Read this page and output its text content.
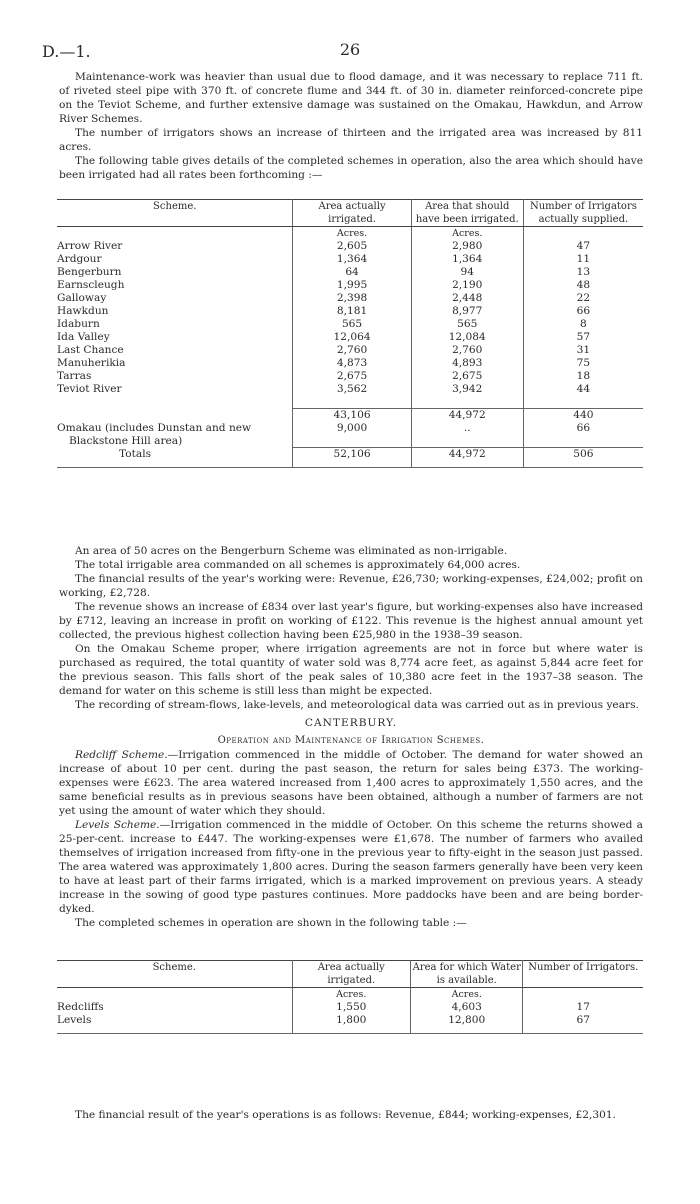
D.—1.	26

Maintenance-work was heavier than usual due to flood damage, and it was necessary to replace 711 ft. of riveted steel pipe with 370 ft. of concrete flume and 344 ft. of 30 in. diameter reinforced-concrete pipe on the Teviot Scheme, and further extensive damage was sustained on the Omakau, Hawkdun, and Arrow River Schemes.

The number of irrigators shows an increase of thirteen and the irrigated area was increased by 811 acres.

The following table gives details of the completed schemes in operation, also the area which should have been irrigated had all rates been forthcoming :—

Scheme.	Area actually irrigated.	Area that should have been irrigated.	Number of Irrigators actually supplied.
	Acres.	Acres.	
Arrow River	2,605	2,980	47
Ardgour	1,364	1,364	11
Bengerburn	64	94	13
Earnscleugh	1,995	2,190	48
Galloway	2,398	2,448	22
Hawkdun	8,181	8,977	66
Idaburn	565	565	8
Ida Valley	12,064	12,084	57
Last Chance	2,760	2,760	31
Manuherikia	4,873	4,893	75
Tarras	2,675	2,675	18
Teviot River	3,562	3,942	44

	43,106	44,972	440
Omakau (includes Dunstan and new	9,000	..	66
Blackstone Hill area)			
Totals	52,106	44,972	506

An area of 50 acres on the Bengerburn Scheme was eliminated as non-irrigable.

The total irrigable area commanded on all schemes is approximately 64,000 acres.

The financial results of the year's working were: Revenue, £26,730; working-expenses, £24,002; profit on working, £2,728.

The revenue shows an increase of £834 over last year's figure, but working-expenses also have increased by £712, leaving an increase in profit on working of £122. This revenue is the highest annual amount yet collected, the previous highest collection having been £25,980 in the 1938–39 season.

On the Omakau Scheme proper, where irrigation agreements are not in force but where water is purchased as required, the total quantity of water sold was 8,774 acre feet, as against 5,844 acre feet for the previous season. This falls short of the peak sales of 10,380 acre feet in the 1937–38 season. The demand for water on this scheme is still less than might be expected.

The recording of stream-flows, lake-levels, and meteorological data was carried out as in previous years.

CANTERBURY.
Operation and Maintenance of Irrigation Schemes.

Redcliff Scheme.—Irrigation commenced in the middle of October. The demand for water showed an increase of about 10 per cent. during the past season, the return for sales being £373. The working-expenses were £623. The area watered increased from 1,400 acres to approximately 1,550 acres, and the same beneficial results as in previous seasons have been obtained, although a number of farmers are not yet using the amount of water which they should.

Levels Scheme.—Irrigation commenced in the middle of October. On this scheme the returns showed a 25-per-cent. increase to £447. The working-expenses were £1,678. The number of farmers who availed themselves of irrigation increased from fifty-one in the previous year to fifty-eight in the season just passed. The area watered was approximately 1,800 acres. During the season farmers generally have been very keen to have at least part of their farms irrigated, which is a marked improvement on previous years. A steady increase in the sowing of good type pastures continues. More paddocks have been and are being border-dyked.

The completed schemes in operation are shown in the following table :—

Scheme.	Area actually irrigated.	Area for which Water is available.	Number of Irrigators.
	Acres.	Acres.	
Redcliffs	1,550	4,603	17
Levels	1,800	12,800	67

The financial result of the year's operations is as follows: Revenue, £844; working-expenses, £2,301.
